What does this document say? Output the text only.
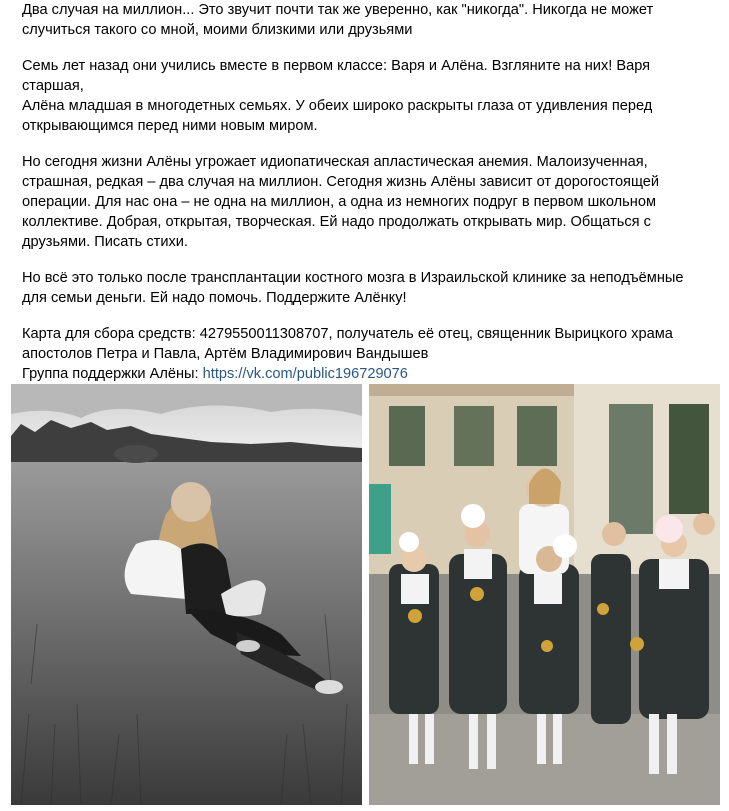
Два случая на миллион... Это звучит почти так же уверенно, как "никогда". Никогда не может
случиться такого со мной, моими близкими или друзьями

Семь лет назад они учились вместе в первом классе: Варя и Алёна. Взгляните на них! Варя старшая,
Алёна младшая в многодетных семьях. У обеих широко раскрыты глаза от удивления перед
открывающимся перед ними новым миром.

Но сегодня жизни Алёны угрожает идиопатическая апластическая анемия. Малоизученная,
страшная, редкая – два случая на миллион. Сегодня жизнь Алёны зависит от дорогостоящей
операции. Для нас она – не одна на миллион, а одна из немногих подруг в первом школьном
коллективе. Добрая, открытая, творческая. Ей надо продолжать открывать мир. Общаться с
друзьями. Писать стихи.

Но всё это только после трансплантации костного мозга в Израильской клинике за неподъёмные
для семьи деньги. Ей надо помочь. Поддержите Алёнку!

Карта для сбора средств: 4279550011308707, получатель её отец, священник Вырицкого храма
апостолов Петра и Павла, Артём Владимирович Вандышев
Группа поддержки Алёны: https://vk.com/public196729076
